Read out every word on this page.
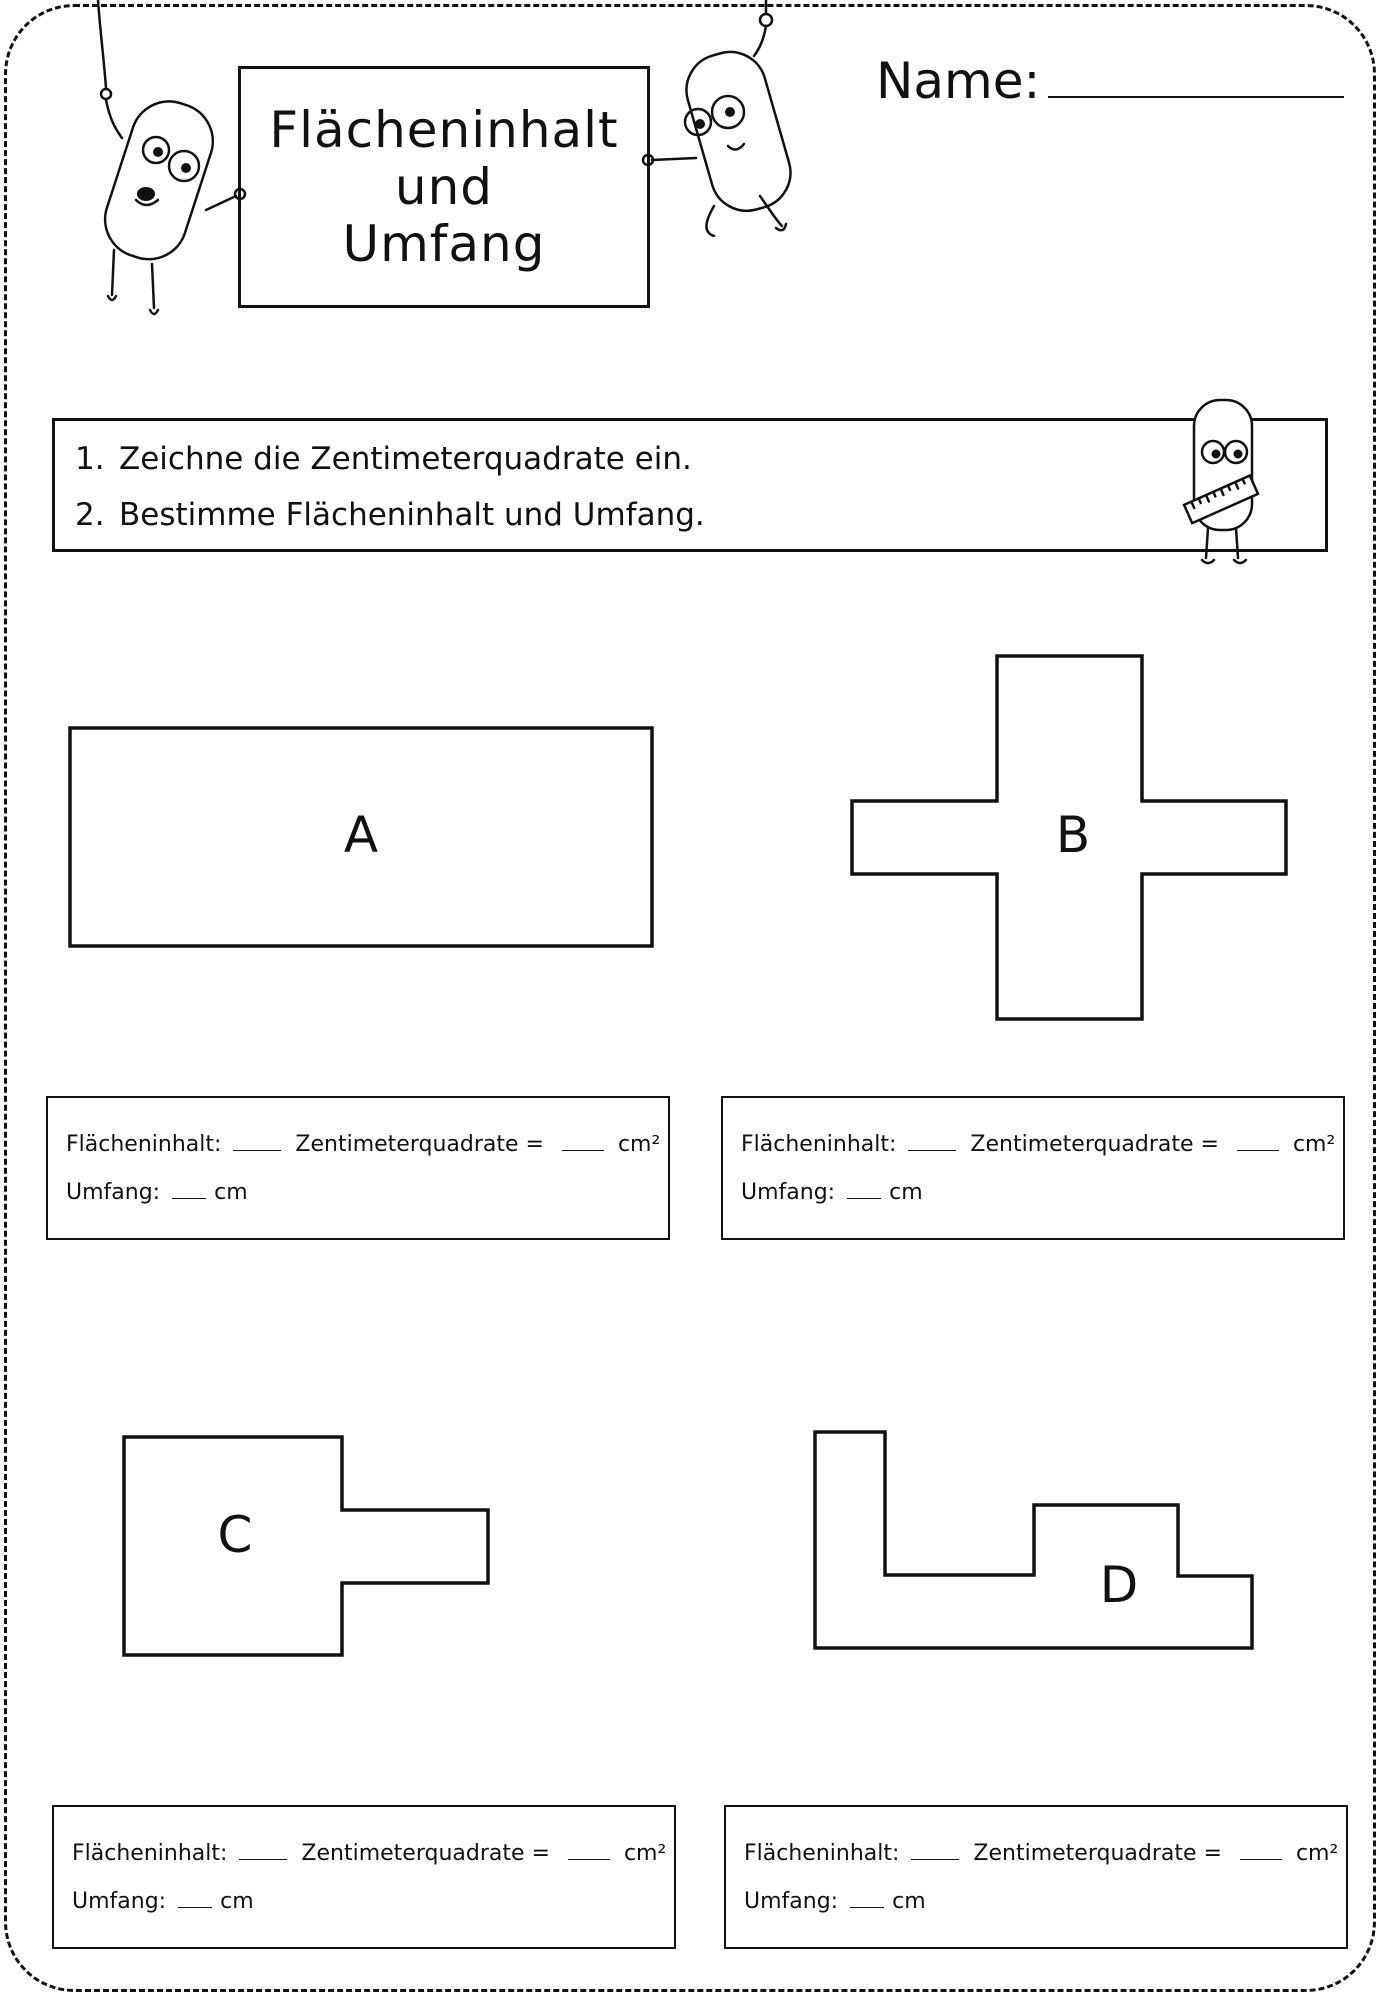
Flächeninhalt
und
Umfang
Name:
1. Zeichne die Zentimeterquadrate ein.
2. Bestimme Flächeninhalt und Umfang.
A	B
C
D
Flächeninhalt:	Zentimeterquadrate =	cm²
Umfang: cm
Flächeninhalt:	Zentimeterquadrate =	cm²
Umfang: cm
Flächeninhalt:	Zentimeterquadrate =	cm²
Umfang: cm
Flächeninhalt:	Zentimeterquadrate =	cm²
Umfang: cm
